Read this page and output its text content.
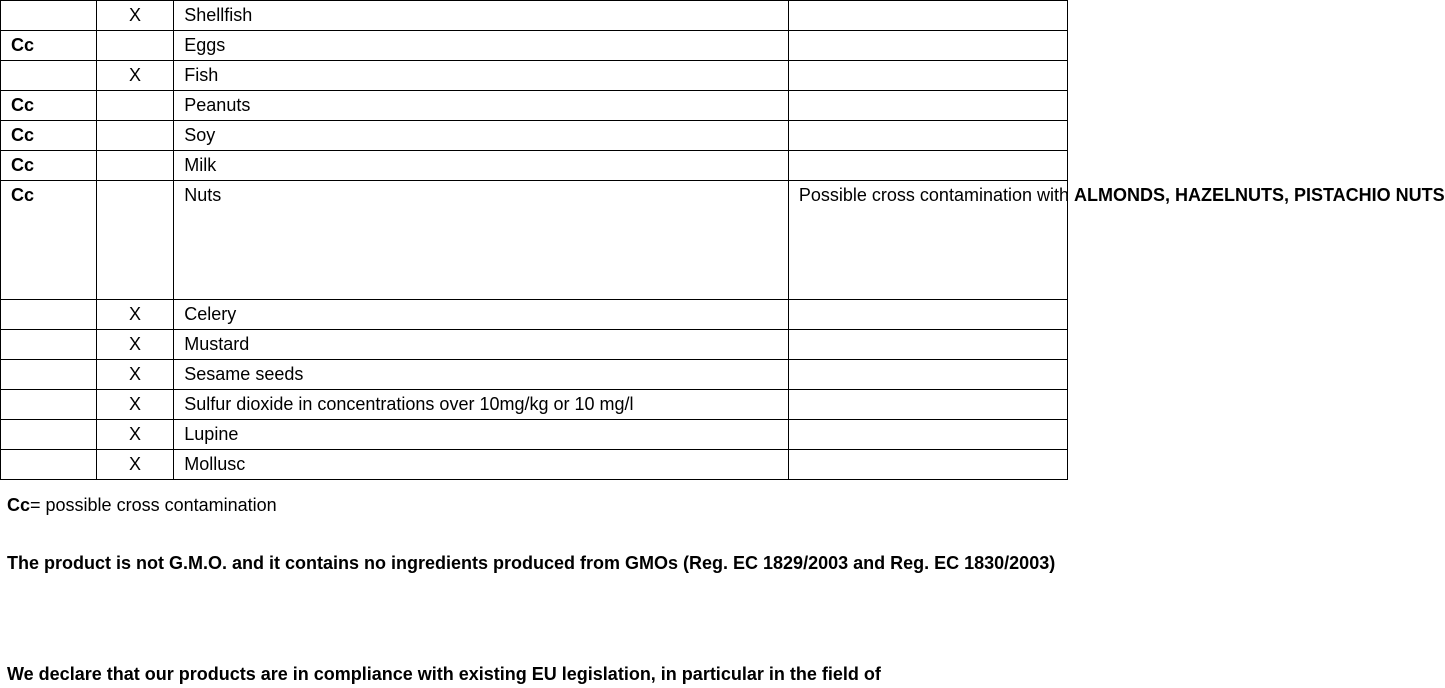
	X	Shellfish	
Cc		Eggs	
	X	Fish	
Cc		Peanuts	
Cc		Soy	
Cc		Milk	
Cc		Nuts	Possible cross contamination with ALMONDS, HAZELNUTS, PISTACHIO NUTS
	X	Celery	
	X	Mustard	
	X	Sesame seeds	
	X	Sulfur dioxide in concentrations over 10mg/kg or 10 mg/l	
	X	Lupine	
	X	Mollusc	
Cc= possible cross contamination
The product is not G.M.O. and it contains no ingredients produced from GMOs (Reg. EC 1829/2003 and Reg. EC 1830/2003)
We declare that our products are in compliance with existing EU legislation, in particular in the field of
